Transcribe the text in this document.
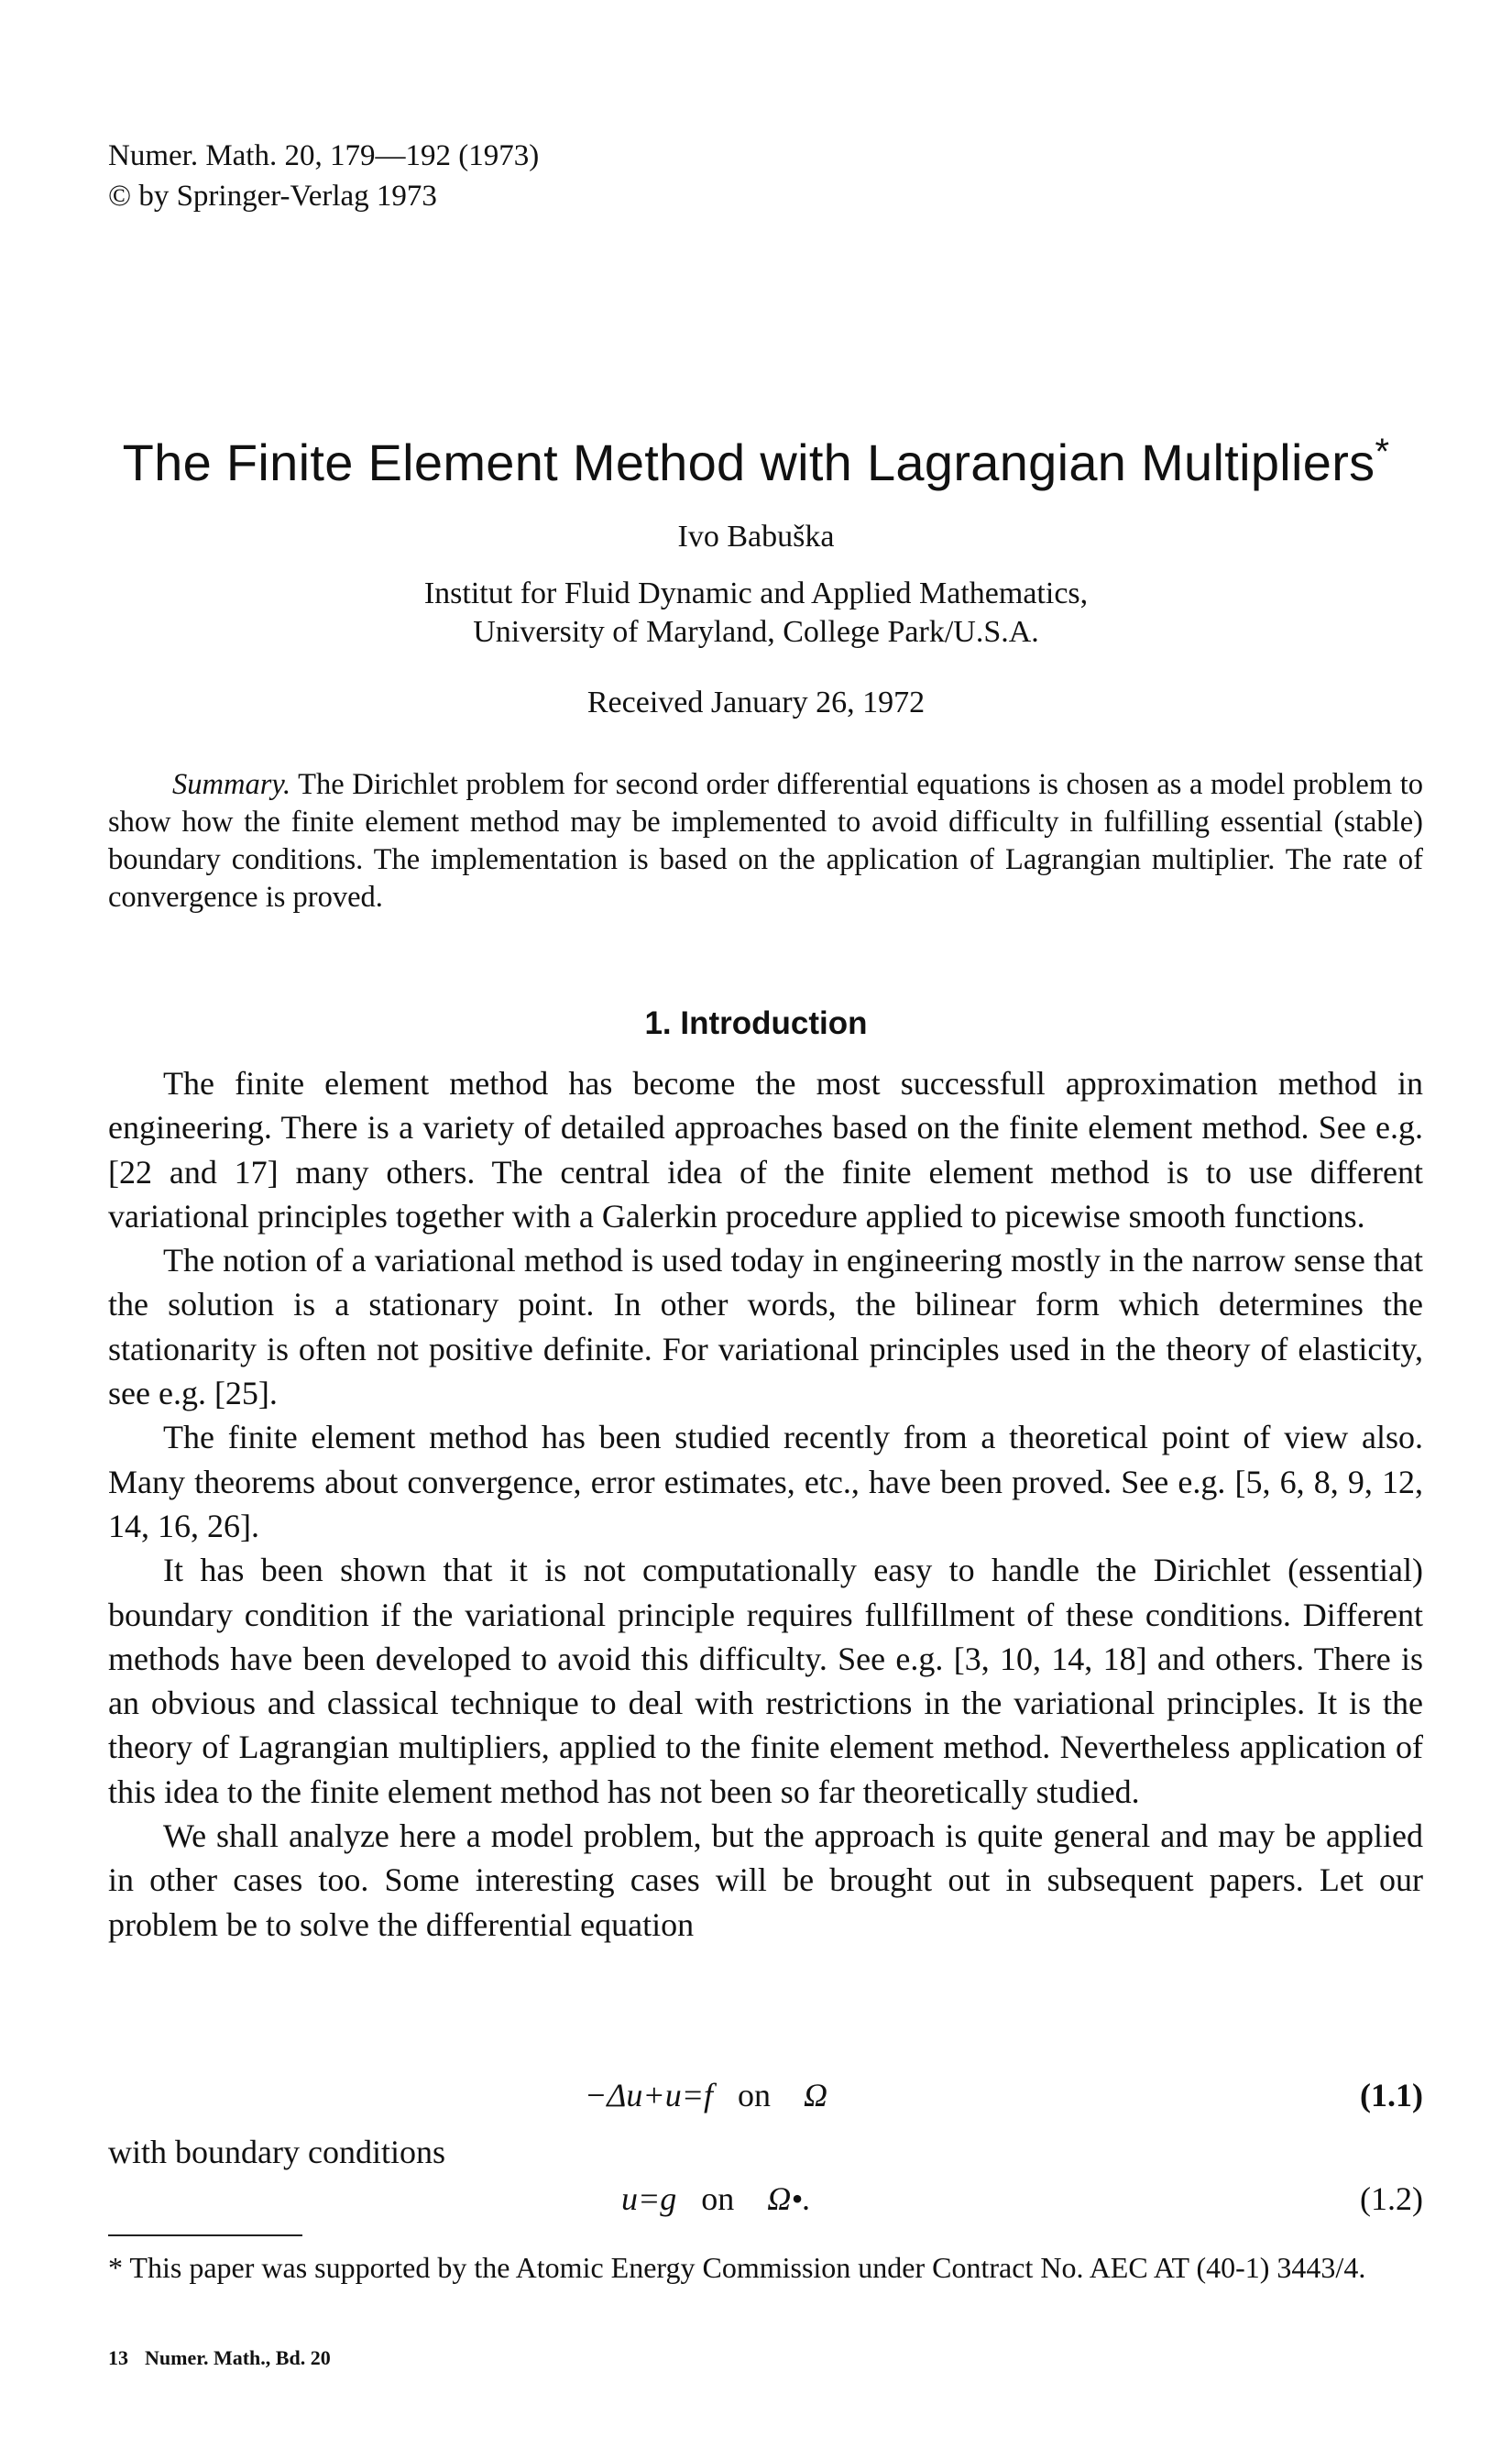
Numer. Math. 20, 179—192 (1973)
© by Springer-Verlag 1973
The Finite Element Method with Lagrangian Multipliers*
Ivo Babuška
Institut for Fluid Dynamic and Applied Mathematics,
University of Maryland, College Park/U.S.A.
Received January 26, 1972
Summary. The Dirichlet problem for second order differential equations is chosen as a model problem to show how the finite element method may be implemented to avoid difficulty in fulfilling essential (stable) boundary conditions. The implementation is based on the application of Lagrangian multiplier. The rate of convergence is proved.
1. Introduction

The finite element method has become the most successfull approximation method in engineering. There is a variety of detailed approaches based on the finite element method. See e.g. [22 and 17] many others. The central idea of the finite element method is to use different variational principles together with a Galerkin procedure applied to picewise smooth functions.

The notion of a variational method is used today in engineering mostly in the narrow sense that the solution is a stationary point. In other words, the bilinear form which determines the stationarity is often not positive definite. For variational principles used in the theory of elasticity, see e.g. [25].

The finite element method has been studied recently from a theoretical point of view also. Many theorems about convergence, error estimates, etc., have been proved. See e.g. [5, 6, 8, 9, 12, 14, 16, 26].

It has been shown that it is not computationally easy to handle the Dirichlet (essential) boundary condition if the variational principle requires fullfillment of these conditions. Different methods have been developed to avoid this difficulty. See e.g. [3, 10, 14, 18] and others. There is an obvious and classical technique to deal with restrictions in the variational principles. It is the theory of Lagrangian multipliers, applied to the finite element method. Nevertheless application of this idea to the finite element method has not been so far theoretically studied.

We shall analyze here a model problem, but the approach is quite general and may be applied in other cases too. Some interesting cases will be brought out in subsequent papers. Let our problem be to solve the differential equation

−Δu+u=f on Ω	(1.1)
with boundary conditions
u=g on Ω•.	(1.2)
* This paper was supported by the Atomic Energy Commission under Contract No. AEC AT (40-1) 3443/4.
13 Numer. Math., Bd. 20
